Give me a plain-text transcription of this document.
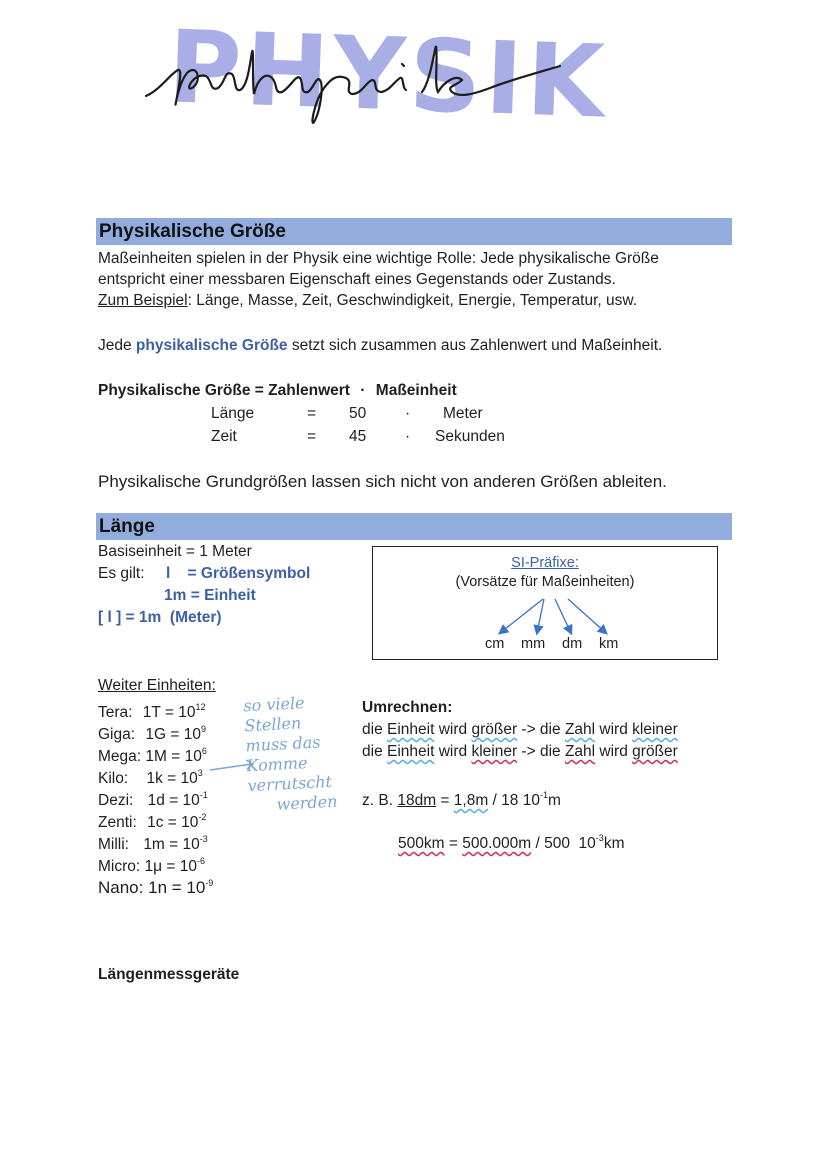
PHYSIK
Physikalische Größe
Maßeinheiten spielen in der Physik eine wichtige Rolle: Jede physikalische Größe
entspricht einer messbaren Eigenschaft eines Gegenstands oder Zustands.
Zum Beispiel: Länge, Masse, Zeit, Geschwindigkeit, Energie, Temperatur, usw.
Jede physikalische Größe setzt sich zusammen aus Zahlenwert und Maßeinheit.
Physikalische Größe = Zahlenwert · Maßeinheit
Länge	= 50	· Meter
Zeit	= 45	· Sekunden
Physikalische Grundgrößen lassen sich nicht von anderen Größen ableiten.
Länge
Basiseinheit = 1 Meter
Es gilt: l    = Größensymbol
1m = Einheit
[ l ] = 1m  (Meter)
SI-Präfixe:
(Vorsätze für Maßeinheiten)
cm mm dm km
Weiter Einheiten:
Tera: $1T = 10^{12}$
Giga: $1G = 10^9$
Mega: $1M = 10^6$
Kilo: $1k = 10^3$
Dezi: $1d = 10^{-1}$
Zenti: $1c = 10^{-2}$
Milli: $1m = 10^{-3}$
Micro: $1\mu = 10^{-6}$
Nano: $1n = 10^{-9}$
so viele
Stellen
muss das
Komme
verrutscht
werden
Umrechnen:
die Einheit wird größer -> die Zahl wird kleiner
die Einheit wird kleiner -> die Zahl wird größer
z. B. 18dm = 1,8m / 18 $10^{-1}m$
500km = 500.000m / 500  $10^{-3}km$
Längenmessgeräte
